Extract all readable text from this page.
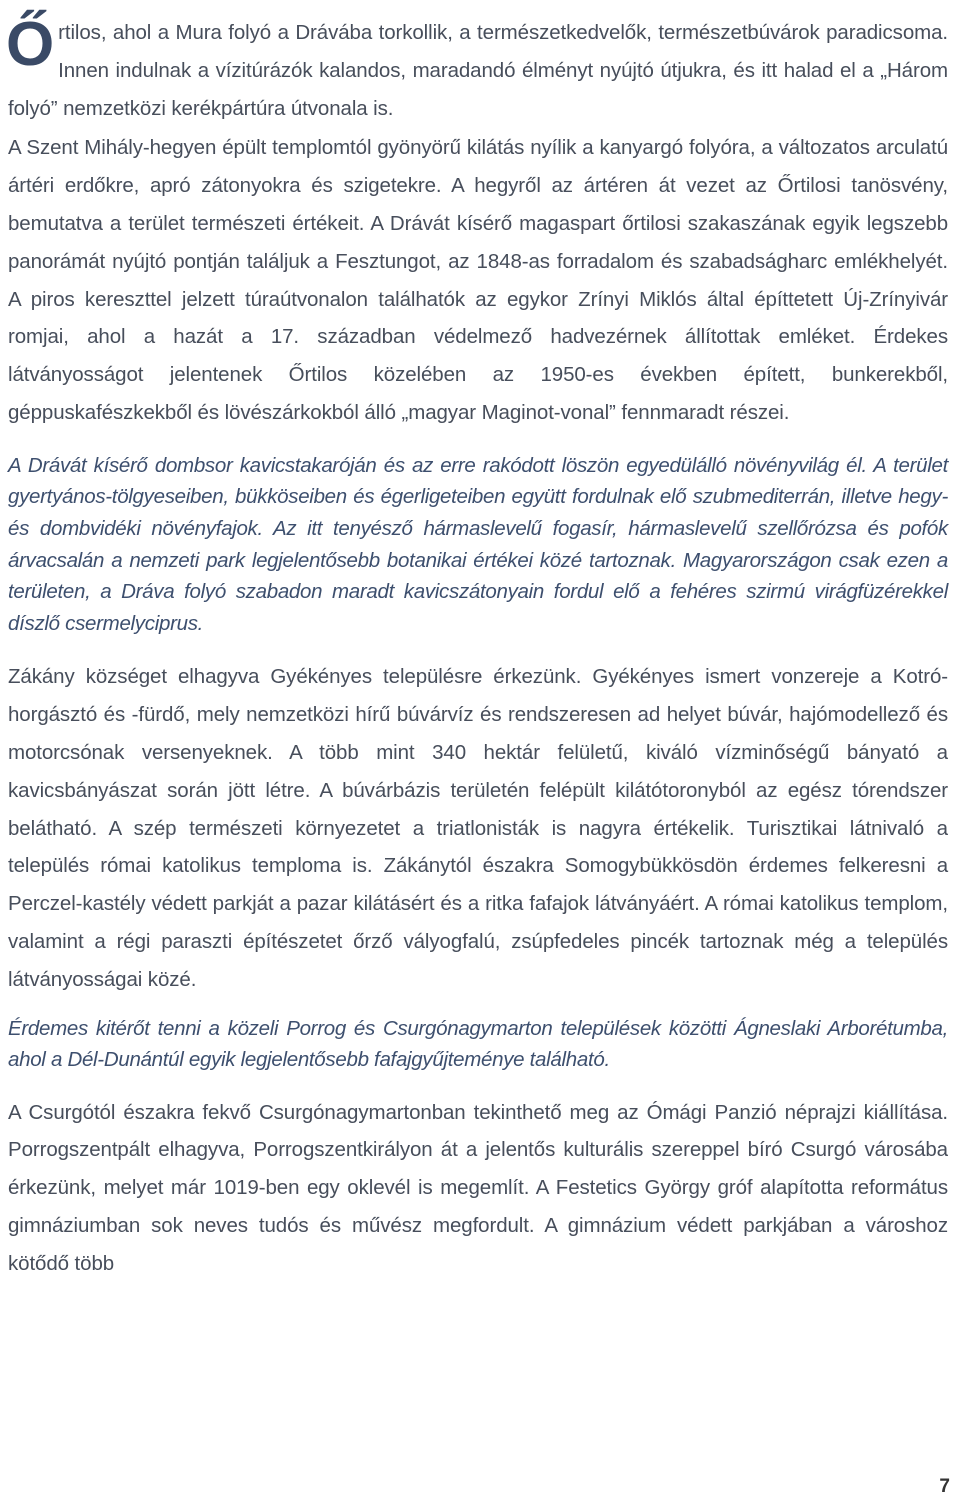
Őrtilos, ahol a Mura folyó a Drávába torkollik, a természetkedvelők, természetbúvárok paradicsoma. Innen indulnak a vízitúrázók kalandos, maradandó élményt nyújtó útjukra, és itt halad el a „Három folyó” nemzetközi kerékpártúra útvonala is.

A Szent Mihály-hegyen épült templomtól gyönyörű kilátás nyílik a kanyargó folyóra, a változatos arculatú ártéri erdőkre, apró zátonyokra és szigetekre. A hegyről az ártéren át vezet az Őrtilosi tanösvény, bemutatva a terület természeti értékeit. A Drávát kísérő magaspart őrtilosi szakaszának egyik legszebb panorámát nyújtó pontján találjuk a Fesztungot, az 1848-as forradalom és szabadságharc emlékhelyét. A piros kereszttel jelzett túraútvonalon találhatók az egykor Zrínyi Miklós által építtetett Új-Zrínyivár romjai, ahol a hazát a 17. században védelmező hadvezérnek állítottak emléket. Érdekes látványosságot jelentenek Őrtilos közelében az 1950-es években épített, bunkerekből, géppuskafészkekből és lövészárkokból álló „magyar Maginot-vonal” fennmaradt részei.

A Drávát kísérő dombsor kavicstakaróján és az erre rakódott löszön egyedülálló növényvilág él. A terület gyertyános-tölgyeseiben, bükköseiben és égerligeteiben együtt fordulnak elő szubmediterrán, illetve hegy- és dombvidéki növényfajok. Az itt tenyésző hármaslevelű fogasír, hármaslevelű szellőrózsa és pofók árvacsalán a nemzeti park legjelentősebb botanikai értékei közé tartoznak. Magyarországon csak ezen a területen, a Dráva folyó szabadon maradt kavicszátonyain fordul elő a fehéres szirmú virágfüzérekkel díszlő csermelyciprus.

Zákány községet elhagyva Gyékényes településre érkezünk. Gyékényes ismert vonzereje a Kotró-horgásztó és -fürdő, mely nemzetközi hírű búvárvíz és rendszeresen ad helyet búvár, hajómodellező és motorcsónak versenyeknek. A több mint 340 hektár felületű, kiváló vízminőségű bányató a kavicsbányászat során jött létre. A búvárbázis területén felépült kilátótoronyból az egész tórendszer belátható. A szép természeti környezetet a triatlonisták is nagyra értékelik. Turisztikai látnivaló a település római katolikus temploma is. Zákánytól északra Somogybükkösdön érdemes felkeresni a Perczel-kastély védett parkját a pazar kilátásért és a ritka fafajok látványáért. A római katolikus templom, valamint a régi paraszti építészetet őrző vályogfalú, zsúpfedeles pincék tartoznak még a település látványosságai közé.

Érdemes kitérőt tenni a közeli Porrog és Csurgónagymarton települések közötti Ágneslaki Arborétumba, ahol a Dél-Dunántúl egyik legjelentősebb fafajgyűjteménye található.

A Csurgótól északra fekvő Csurgónagymartonban tekinthető meg az Ómági Panzió néprajzi kiállítása. Porrogszentpált elhagyva, Porrogszentkirályon át a jelentős kulturális szereppel bíró Csurgó városába érkezünk, melyet már 1019-ben egy oklevél is megemlít. A Festetics György gróf alapította református gimnáziumban sok neves tudós és művész megfordult. A gimnázium védett parkjában a városhoz kötődő több

7
